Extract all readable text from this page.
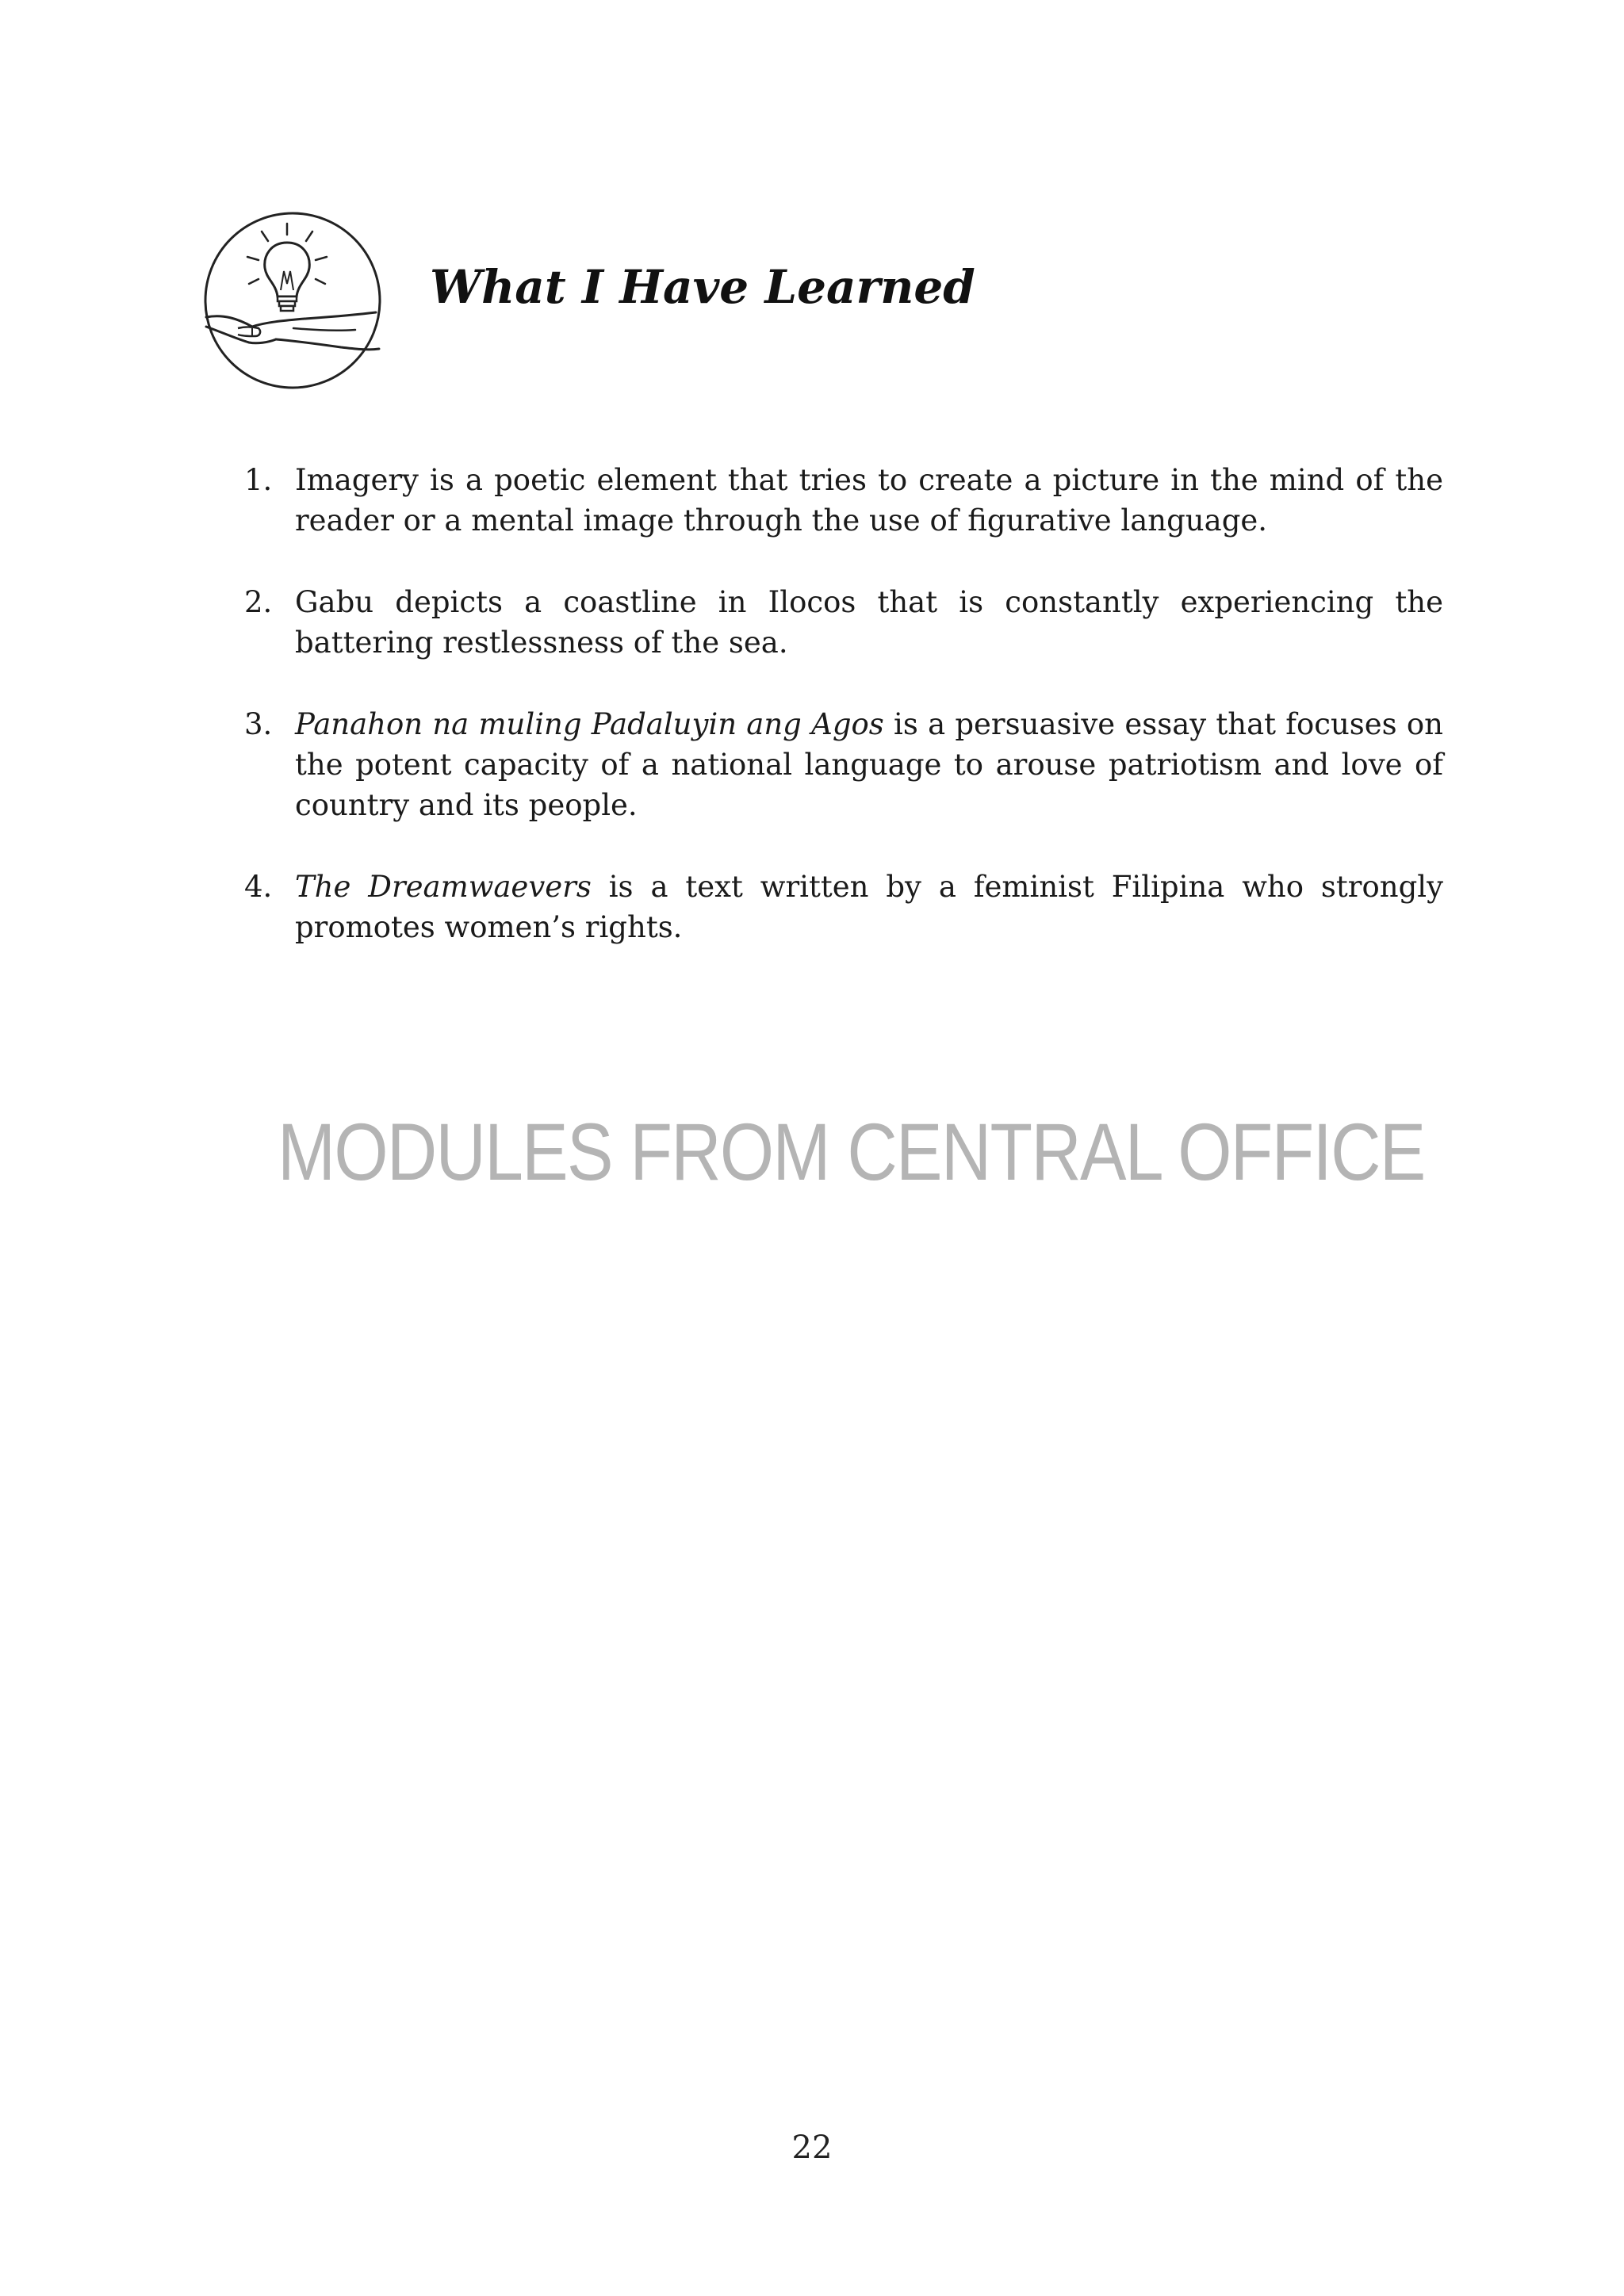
What I Have Learned
1. Imagery is a poetic element that tries to create a picture in the mind of the reader or a mental image through the use of figurative language.
2. Gabu depicts a coastline in Ilocos that is constantly experiencing the battering restlessness of the sea.
3. Panahon na muling Padaluyin ang Agos is a persuasive essay that focuses on the potent capacity of a national language to arouse patriotism and love of country and its people.
4. The Dreamwaevers is a text written by a feminist Filipina who strongly promotes women’s rights.
MODULES FROM CENTRAL OFFICE
22
